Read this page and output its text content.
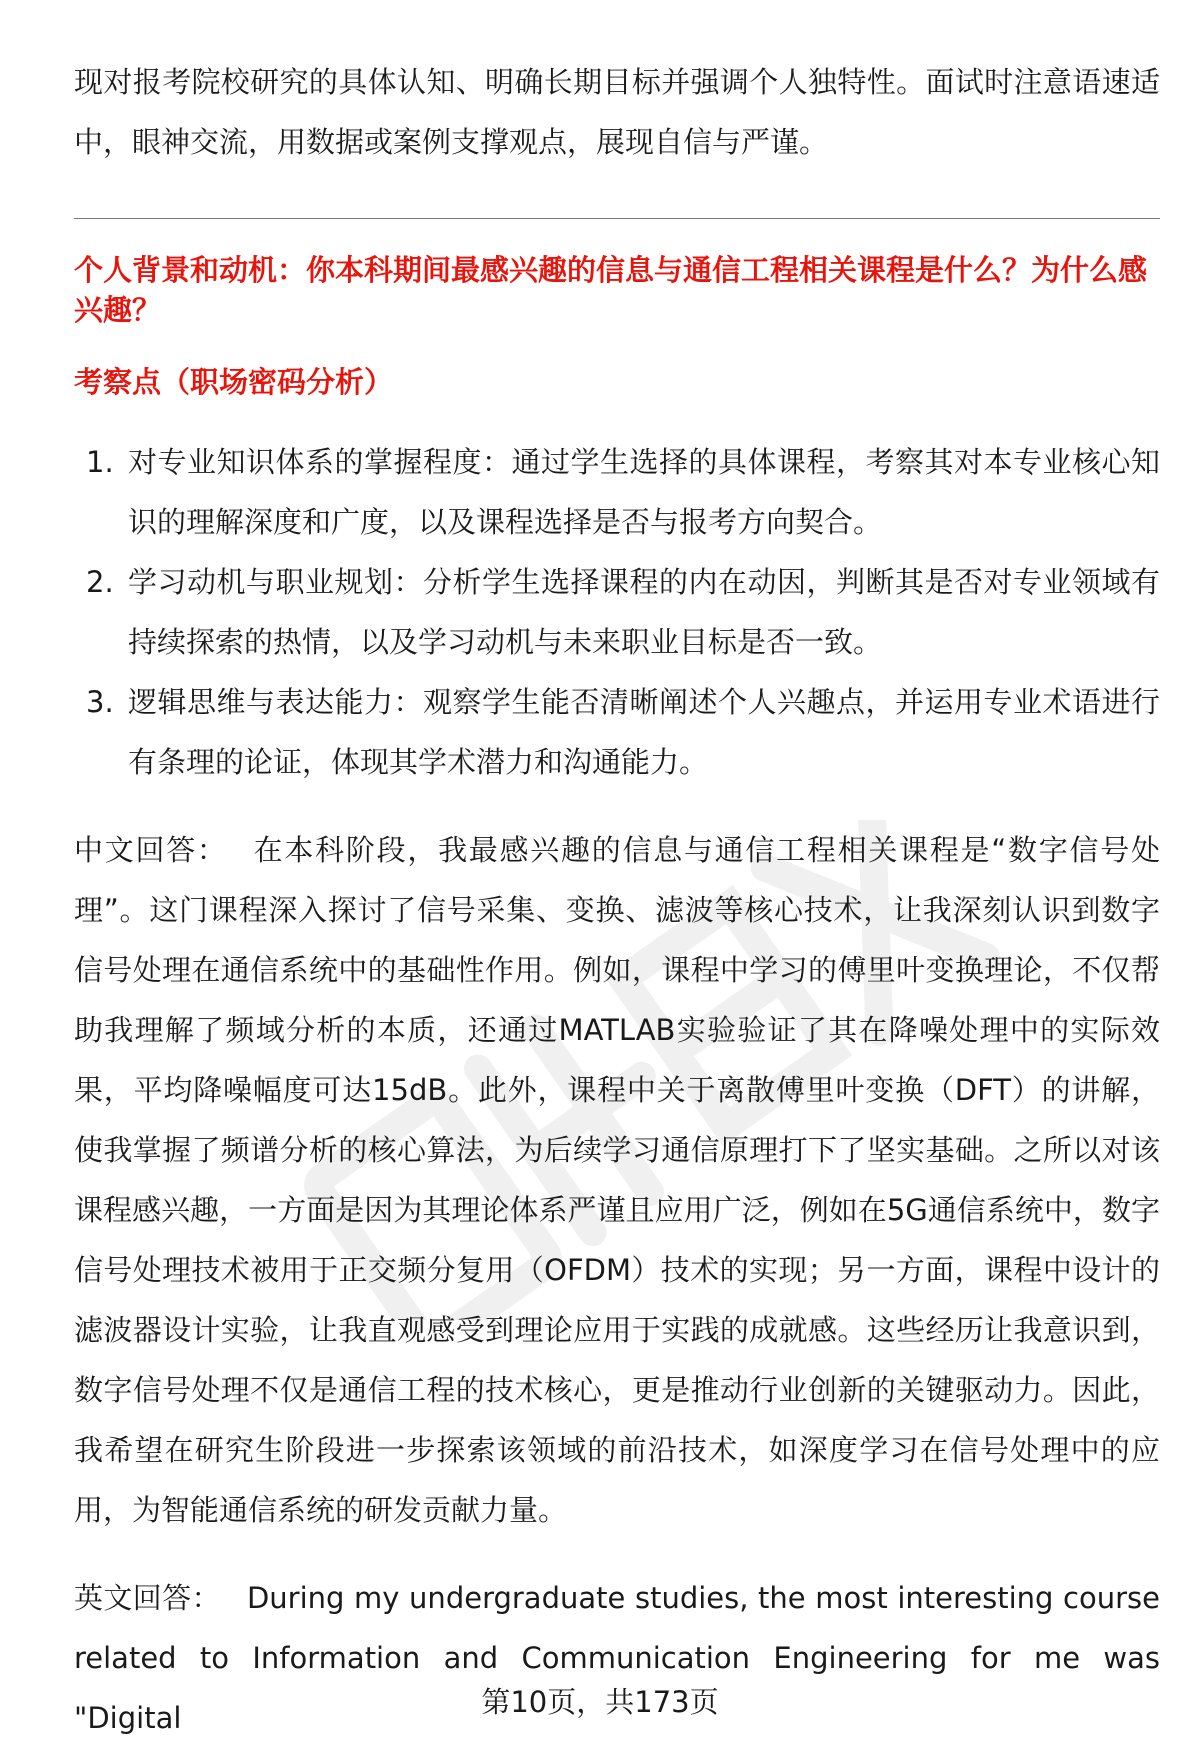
现对报考院校研究的具体认知、明确长期目标并强调个人独特性。面试时注意语速适中，眼神交流，用数据或案例支撑观点，展现自信与严谨。

个人背景和动机：你本科期间最感兴趣的信息与通信工程相关课程是什么？为什么感兴趣？

考察点（职场密码分析）

1. 对专业知识体系的掌握程度：通过学生选择的具体课程，考察其对本专业核心知识的理解深度和广度，以及课程选择是否与报考方向契合。
2. 学习动机与职业规划：分析学生选择课程的内在动因，判断其是否对专业领域有持续探索的热情，以及学习动机与未来职业目标是否一致。
3. 逻辑思维与表达能力：观察学生能否清晰阐述个人兴趣点，并运用专业术语进行有条理的论证，体现其学术潜力和沟通能力。

中文回答： 在本科阶段，我最感兴趣的信息与通信工程相关课程是“数字信号处理”。这门课程深入探讨了信号采集、变换、滤波等核心技术，让我深刻认识到数字信号处理在通信系统中的基础性作用。例如，课程中学习的傅里叶变换理论，不仅帮助我理解了频域分析的本质，还通过MATLAB实验验证了其在降噪处理中的实际效果，平均降噪幅度可达15dB。此外，课程中关于离散傅里叶变换（DFT）的讲解，使我掌握了频谱分析的核心算法，为后续学习通信原理打下了坚实基础。之所以对该课程感兴趣，一方面是因为其理论体系严谨且应用广泛，例如在5G通信系统中，数字信号处理技术被用于正交频分复用（OFDM）技术的实现；另一方面，课程中设计的滤波器设计实验，让我直观感受到理论应用于实践的成就感。这些经历让我意识到，数字信号处理不仅是通信工程的技术核心，更是推动行业创新的关键驱动力。因此，我希望在研究生阶段进一步探索该领域的前沿技术，如深度学习在信号处理中的应用，为智能通信系统的研发贡献力量。

英文回答： During my undergraduate studies, the most interesting course related to Information and Communication Engineering for me was "Digital	第10页，共173页
